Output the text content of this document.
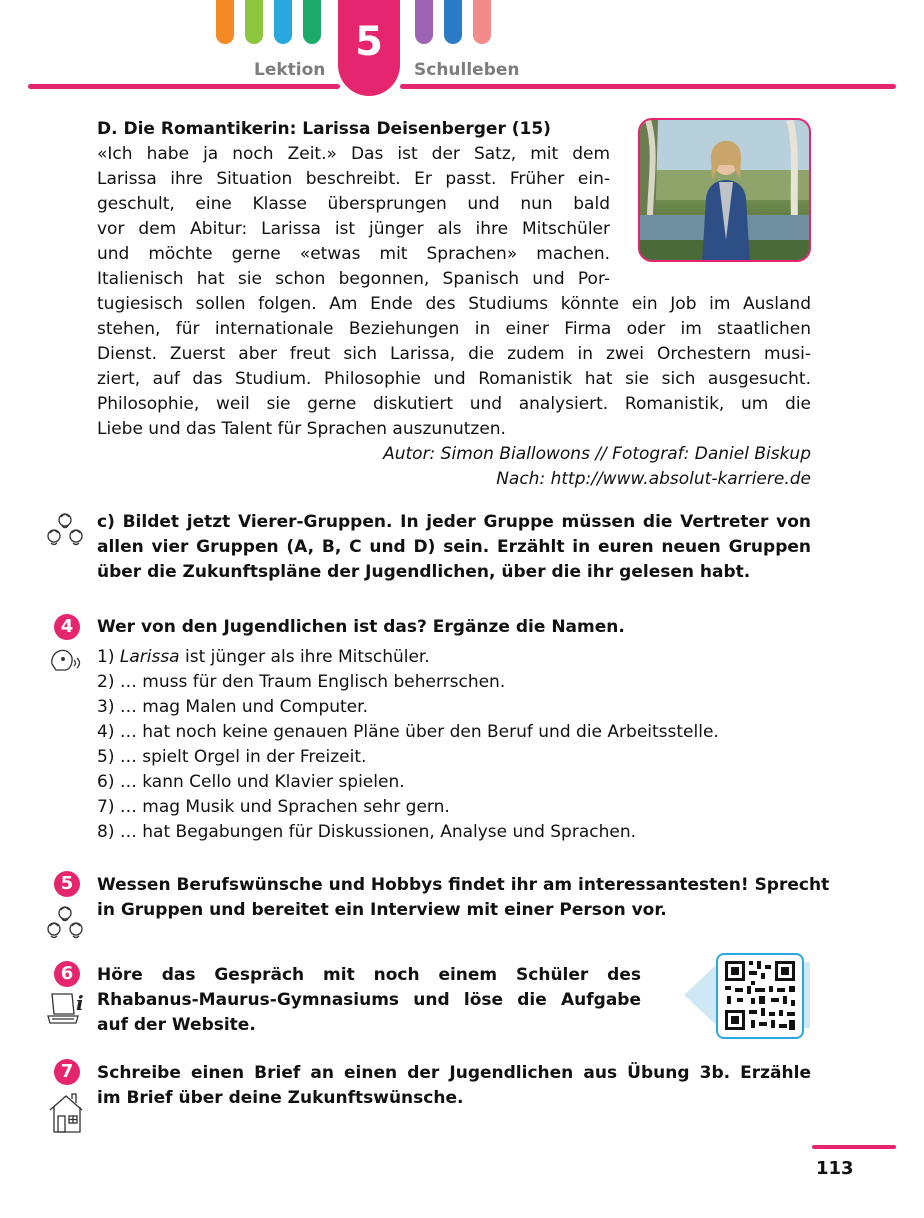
5
Lektion	Schulleben
D. Die Romantikerin: Larissa Deisenberger (15)
«Ich habe ja noch Zeit.» Das ist der Satz, mit dem
Larissa ihre Situation beschreibt. Er passt. Früher ein-
geschult, eine Klasse übersprungen und nun bald
vor dem Abitur: Larissa ist jünger als ihre Mitschüler
und möchte gerne «etwas mit Sprachen» machen.
Italienisch hat sie schon begonnen, Spanisch und Por-
tugiesisch sollen folgen. Am Ende des Studiums könnte ein Job im Ausland
stehen, für internationale Beziehungen in einer Firma oder im staatlichen
Dienst. Zuerst aber freut sich Larissa, die zudem in zwei Orchestern musi-
ziert, auf das Studium. Philosophie und Romanistik hat sie sich ausgesucht.
Philosophie, weil sie gerne diskutiert und analysiert. Romanistik, um die
Liebe und das Talent für Sprachen auszunutzen.
Autor: Simon Biallowons // Fotograf: Daniel Biskup
Nach: http://www.absolut-karriere.de
c) Bildet jetzt Vierer-Gruppen. In jeder Gruppe müssen die Vertreter von
allen vier Gruppen (A, B, C und D) sein. Erzählt in euren neuen Gruppen
über die Zukunftspläne der Jugendlichen, über die ihr gelesen habt.
4	Wer von den Jugendlichen ist das? Ergänze die Namen.
1) Larissa ist jünger als ihre Mitschüler.
2) … muss für den Traum Englisch beherrschen.
3) … mag Malen und Computer.
4) … hat noch keine genauen Pläne über den Beruf und die Arbeitsstelle.
5) … spielt Orgel in der Freizeit.
6) … kann Cello und Klavier spielen.
7) … mag Musik und Sprachen sehr gern.
8) … hat Begabungen für Diskussionen, Analyse und Sprachen.
5	Wessen Berufswünsche und Hobbys findet ihr am interessantesten! Sprecht
in Gruppen und bereitet ein Interview mit einer Person vor.
6
i
Höre das Gespräch mit noch einem Schüler des
Rhabanus-Maurus-Gymnasiums und löse die Aufgabe
auf der Website.
7	Schreibe einen Brief an einen der Jugendlichen aus Übung 3b. Erzähle
im Brief über deine Zukunftswünsche.
113
